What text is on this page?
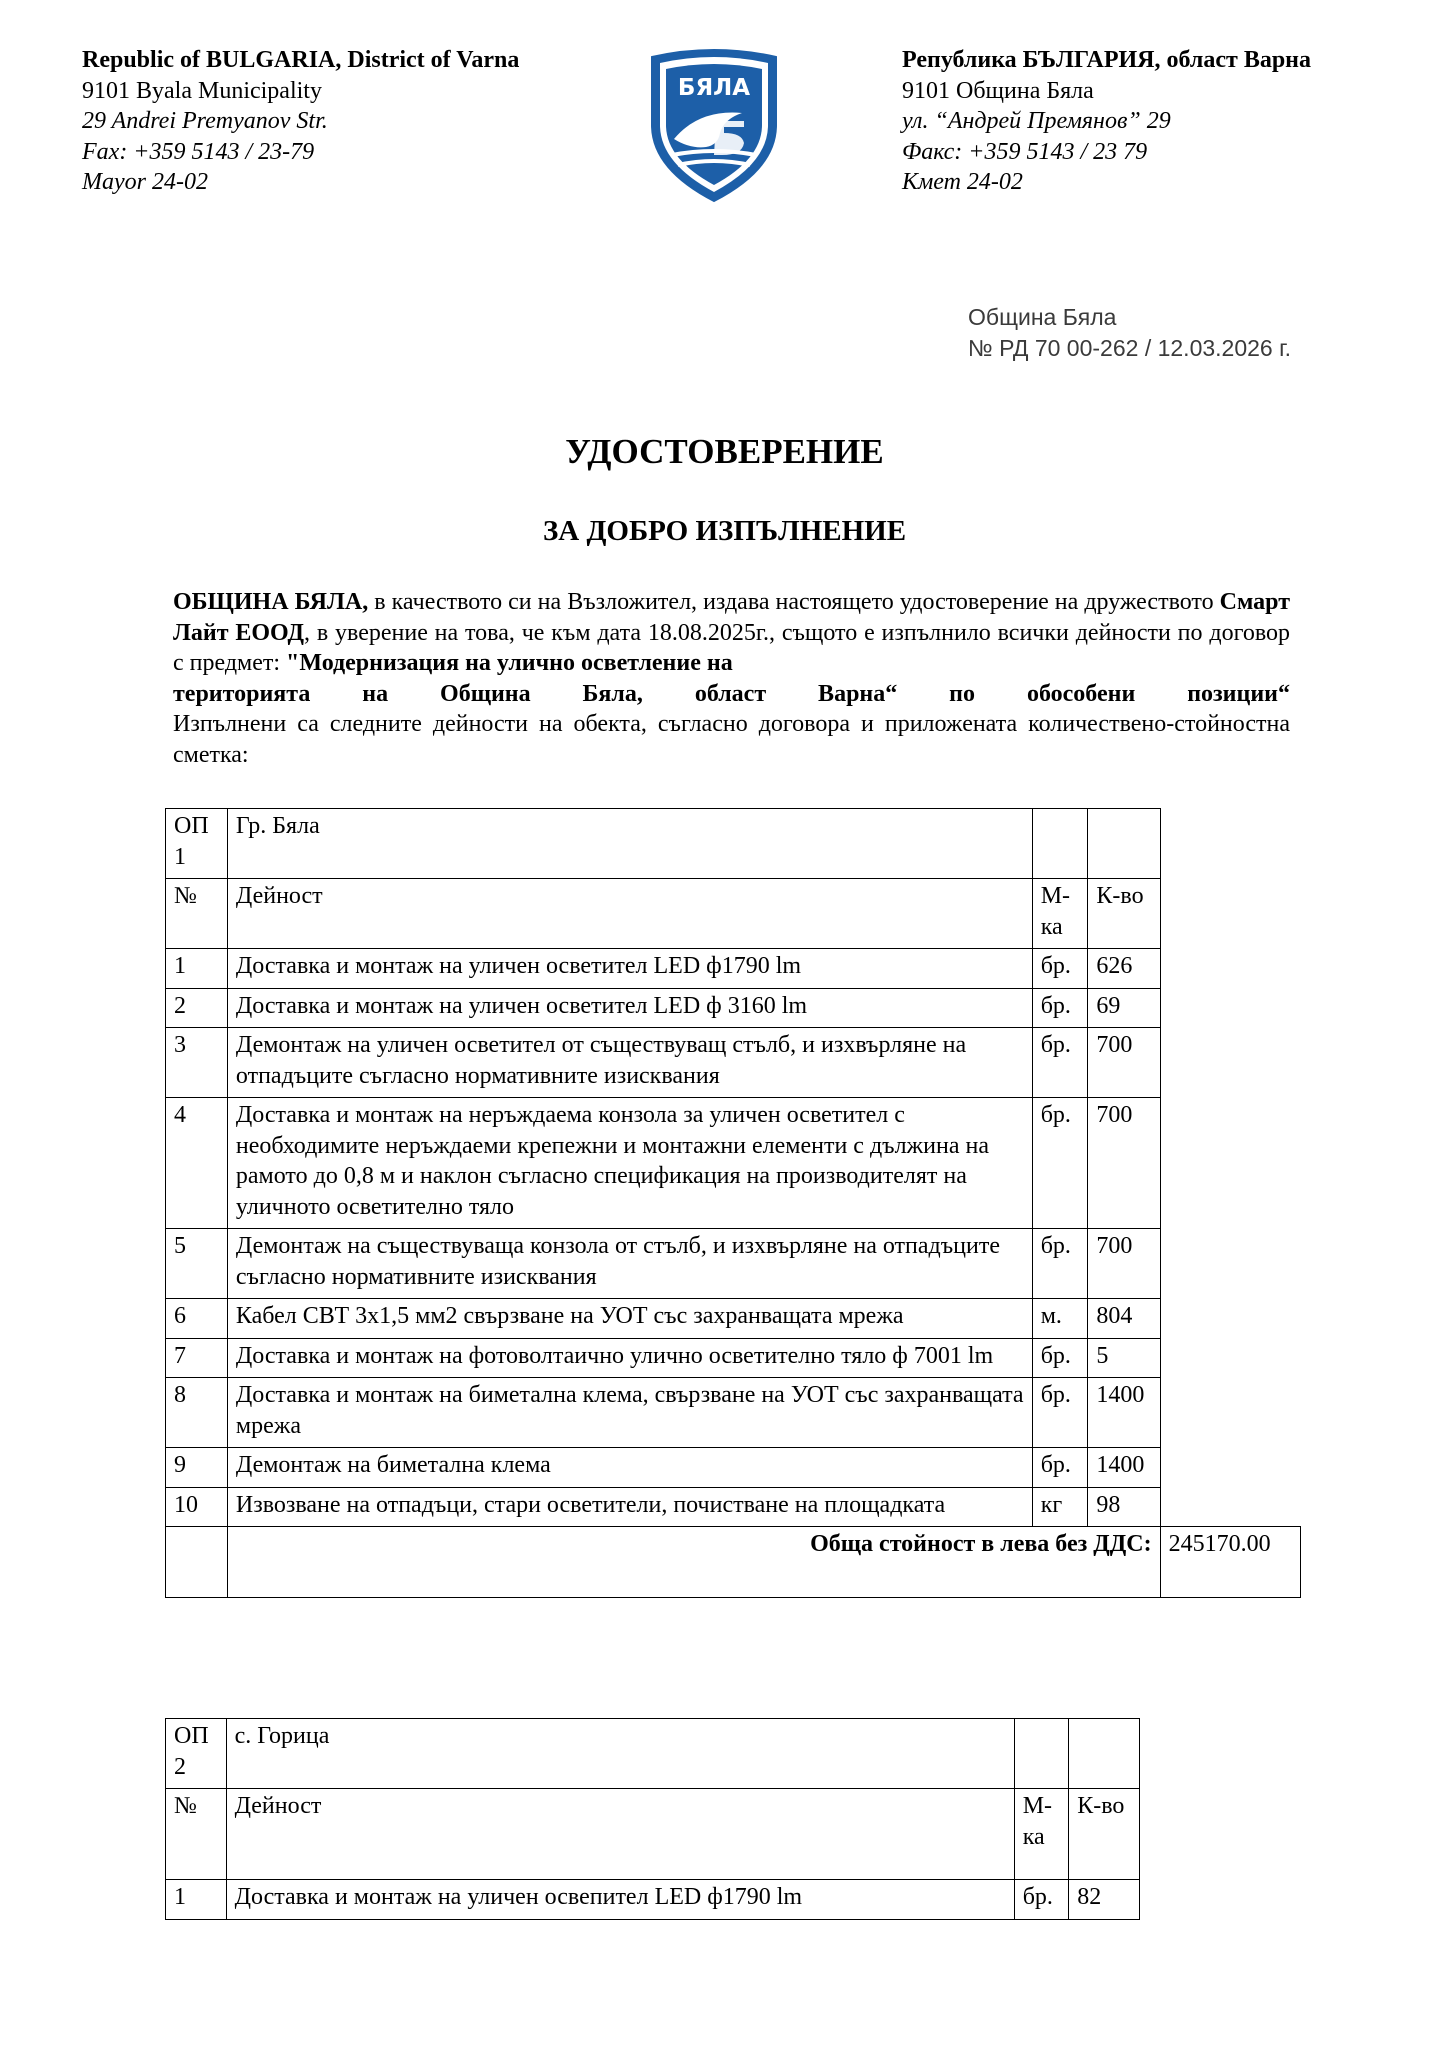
Republic of BULGARIA, District of Varna
9101 Byala Municipality
29 Andrei Premyanov Str.
Fax: +359 5143 / 23-79
Mayor 24-02
БЯЛА
Република БЪЛГАРИЯ, област Варна
9101 Община Бяла
ул. “Андрей Премянов” 29
Факс: +359 5143 / 23 79
Кмет 24-02
Община Бяла
№ РД 70 00-262 / 12.03.2026 г.
УДОСТОВЕРЕНИЕ
ЗА ДОБРО ИЗПЪЛНЕНИЕ
ОБЩИНА БЯЛА, в качеството си на Възложител, издава настоящето удостоверение на дружеството Смарт Лайт ЕООД, в уверение на това, че към дата 18.08.2025г., същото е изпълнило всички дейности по договор с предмет: "Модернизация на улично осветление на
територията на Община Бяла, област Варна“ по обособени позиции“
Изпълнени са следните дейности на обекта, съгласно договора и приложената количествено-стойностна сметка:
ОП 1	Гр. Бяла			
№	Дейност	М-ка	К-во	
1	Доставка и монтаж на уличен осветител LED ф1790 lm	бр.	626	
2	Доставка и монтаж на уличен осветител LED ф 3160 lm	бр.	69	
3	Демонтаж на уличен осветител от съществуващ стълб, и изхвърляне на отпадъците съгласно нормативните изисквания	бр.	700	
4	Доставка и монтаж на неръждаема конзола за уличен осветител с необходимите неръждаеми крепежни и монтажни елементи с дължина на рамото до 0,8 м и наклон съгласно спецификация на производителят на уличното осветително тяло	бр.	700	
5	Демонтаж на съществуваща конзола от стълб, и изхвърляне на отпадъците съгласно нормативните изисквания	бр.	700	
6	Кабел СВТ 3х1,5 мм2 свързване на УОТ със захранващата мрежа	м.	804	
7	Доставка и монтаж на фотоволтаично улично осветително тяло ф 7001 lm	бр.	5	
8	Доставка и монтаж на биметална клема, свързване на УОТ със захранващата мрежа	бр.	1400	
9	Демонтаж на биметална клема	бр.	1400	
10	Извозване на отпадъци, стари осветители, почистване на площадката	кг	98	
	Обща стойност в лева без ДДС:			245170.00
ОП 2	с. Горица		
№	Дейност	М-ка	К-во
1	Доставка и монтаж на уличен освепител LED ф1790 lm	бр.	82
